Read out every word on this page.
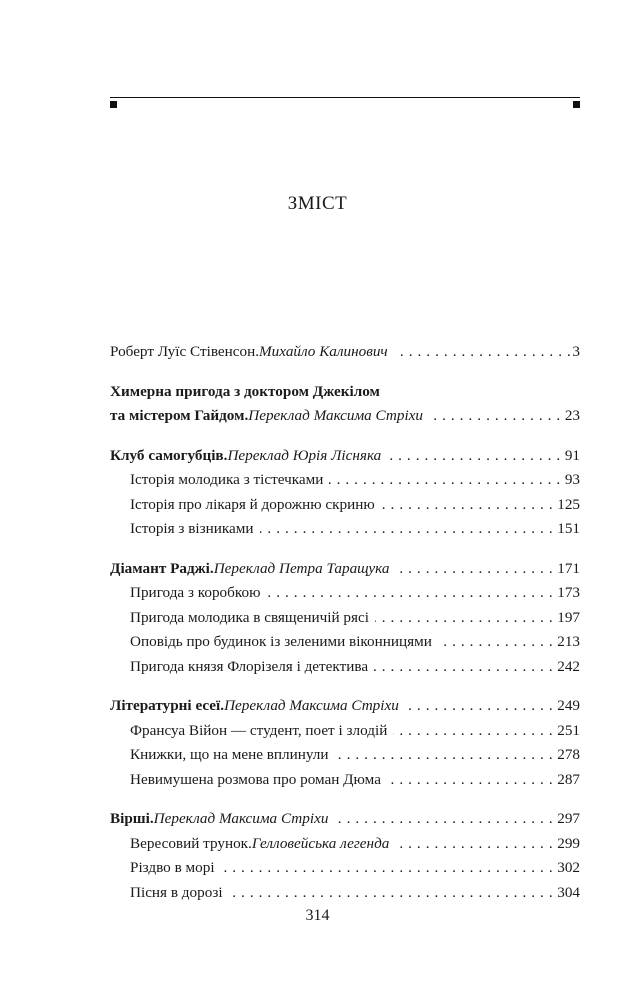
ЗМІСТ
Роберт Луїс Стівенсон. Михайло Калинович . . .	3
Химерна пригода з доктором Джекілом
та містером Гайдом. Переклад Максима Стріхи . . .	23
Клуб самогубців. Переклад Юрія Лісняка . . .	91
Історія молодика з тістечками . . .	93
Історія про лікаря й дорожню скриню . . .	125
Історія з візниками . . .	151
Діамант Раджі. Переклад Петра Таращука . . .	171
Пригода з коробкою . . .	173
Пригода молодика в священичій рясі . . .	197
Оповідь про будинок із зеленими віконницями . . .	213
Пригода князя Флорізеля і детектива . . .	242
Літературні есеї. Переклад Максима Стріхи . . .	249
Франсуа Війон — студент, поет і злодій . . .	251
Книжки, що на мене вплинули . . .	278
Невимушена розмова про роман Дюма . . .	287
Вірші. Переклад Максима Стріхи . . .	297
Вересовий трунок. Гелловейська легенда . . .	299
Різдво в морі . . .	302
Пісня в дорозі . . .	304
314
